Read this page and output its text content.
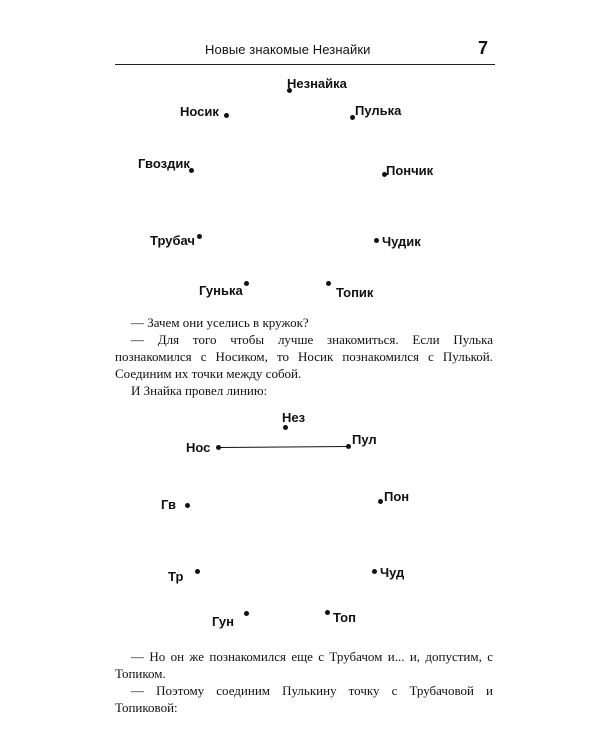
Новые знакомые Незнайки	7
Незнайка
Носик	Пулька
Гвоздик	Пончик
Трубач	Чудик
Гунька	Топик

— Зачем они уселись в кружок?

— Для того чтобы лучше знакомиться. Если Пулька познакомился с Носиком, то Носик познакомился с Пулькой. Соединим их точки между собой.

И Знайка провел линию:

Нез
Нос
Пул
Гв
Пон
Тр	Чуд
Гун	Топ

— Но он же познакомился еще с Трубачом и... и, допустим, с Топиком.

— Поэтому соединим Пулькину точку с Трубачовой и Топиковой:
